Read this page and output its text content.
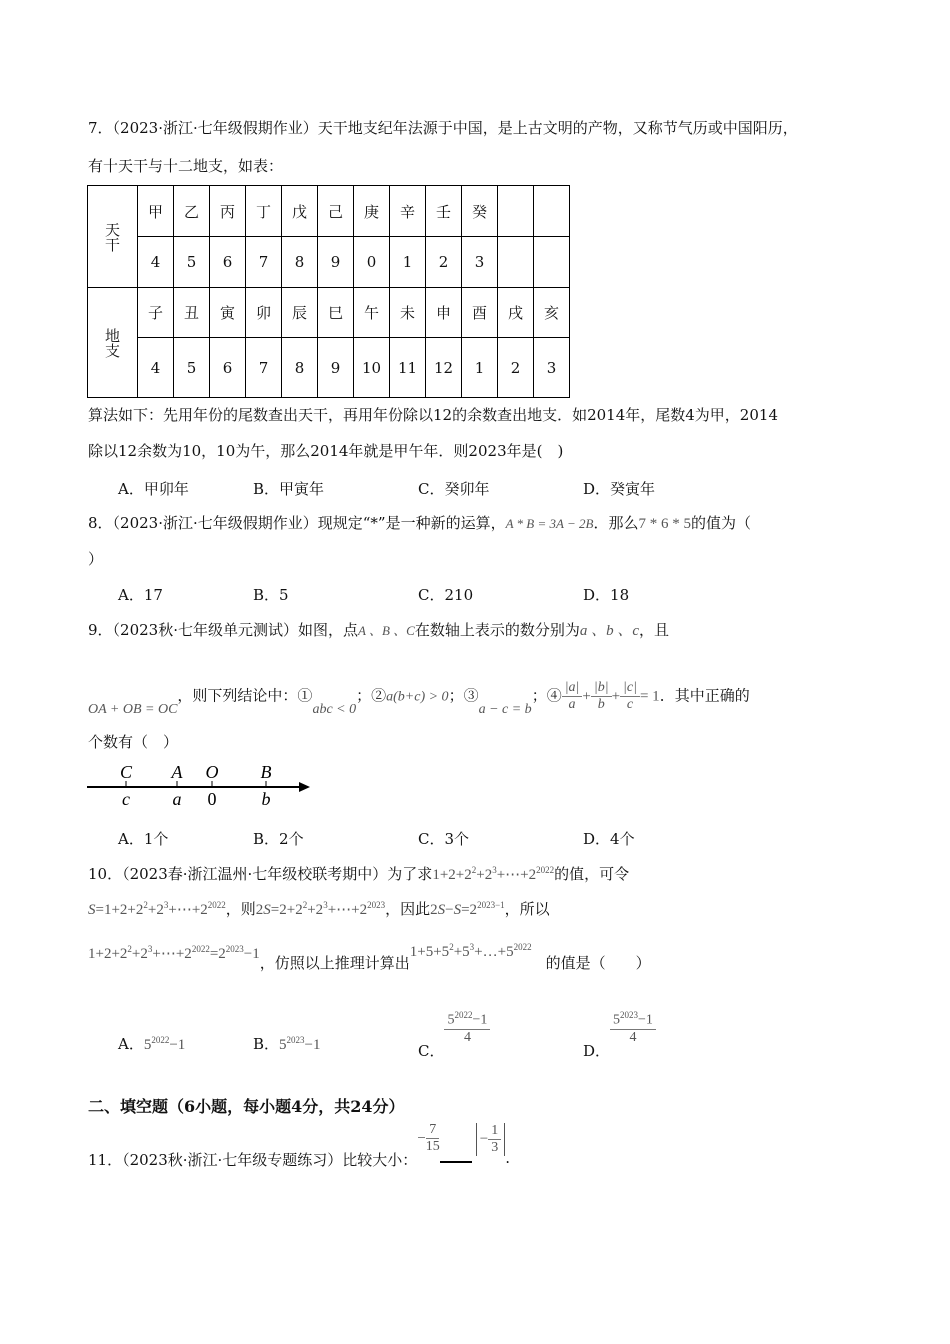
7．（2023·浙江·七年级假期作业）天干地支纪年法源于中国，是上古文明的产物，又称节气历或中国阳历，
有十天干与十二地支，如表：
天干	甲	乙	丙	丁	戊	己	庚	辛	壬	癸		
	4	5	6	7	8	9	0	1	2	3		
地支	子	丑	寅	卯	辰	巳	午	未	申	酉	戌	亥
	4	5	6	7	8	9	10	11	12	1	2	3
算法如下：先用年份的尾数查出天干，再用年份除以12的余数查出地支．如2014年，尾数4为甲，2014
除以12余数为10，10为午，那么2014年就是甲午年．则2023年是(　)
A．甲卯年	B．甲寅年	C．癸卯年	D．癸寅年
8．（2023·浙江·七年级假期作业）现规定“*”是一种新的运算，A * B = 3A − 2B．那么7 * 6 * 5的值为（
）
A．17	B．5	C．210	D．18
9．（2023秋·七年级单元测试）如图，点A 、B 、C在数轴上表示的数分别为a 、b 、c，且
OA + OB = OC，则下列结论中：①abc < 0；②a(b+c) > 0；③a − c = b；④ $\frac{|a|}{a} + \frac{|b|}{b} + \frac{|c|}{c} = 1$．其中正确的
个数有（　）
C A O B
c a 0	b
A．1个	B．2个	C．3个	D．4个
10．（2023春·浙江温州·七年级校联考期中）为了求$1+2+2^2+2^3+\cdots+2^{2022}$的值，可令
$S=1+2+2^2+2^3+\cdots+2^{2022}$，则$2S=2+2^2+2^3+\cdots+2^{2023}$，因此$2S-S=2^{2023-1}$，所以
$1+2+2^2+2^3+\cdots+2^{2022}=2^{2023}-1$，仿照以上推理计算出$1+5+5^2+5^3+\dots+5^{2022}$的值是（　　）
A．$5^{2022}-1$	B．$5^{2023}-1$	C．
$\frac{5^{2022}-1}{4}$
D．
$\frac{5^{2023}-1}{4}$
二、填空题（6小题，每小题4分，共24分）
11．（2023秋·浙江·七年级专题练习）比较大小：− $\frac{7}{15}$	− $\frac{1}{3}$
.
